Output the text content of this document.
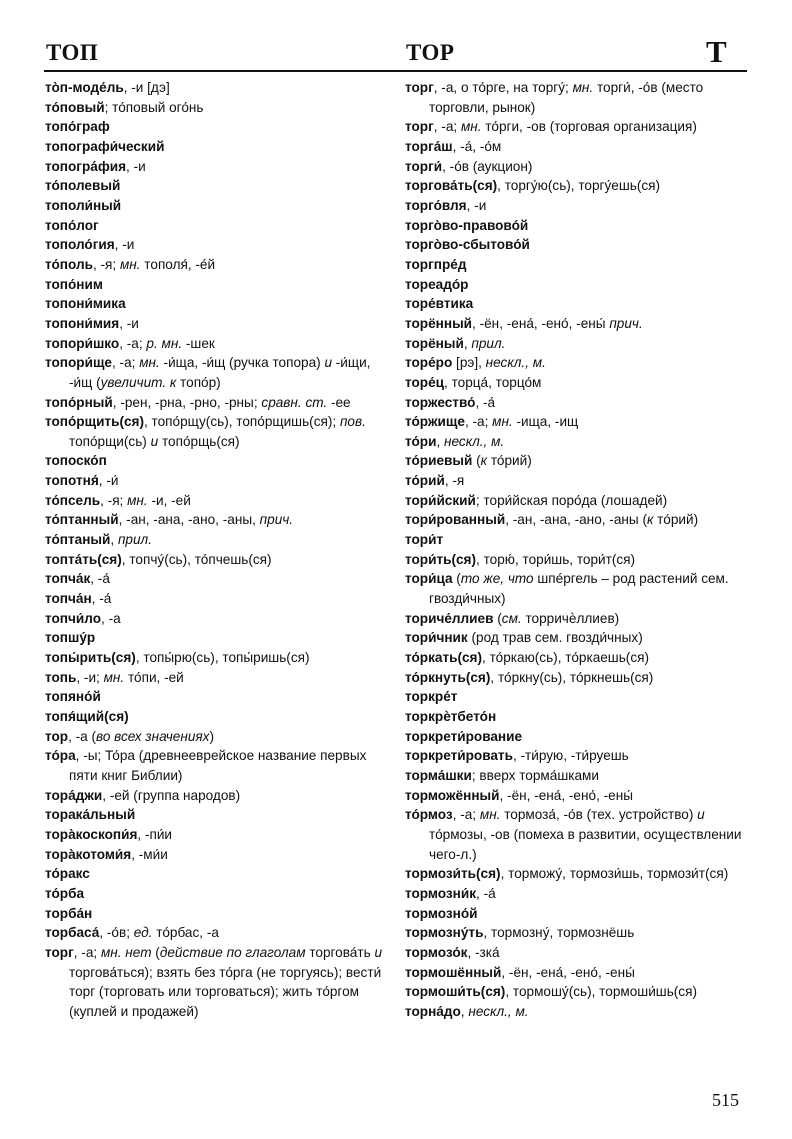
ТОП	ТОР	Т
то̀п-моде́ль, -и [дэ]
то́повый; то́повый ого́нь
топо́граф
топографи́ческий
топогра́фия, -и
то́полевый
тополи́ный
топо́лог
тополо́гия, -и
то́поль, -я; мн. тополя́, -е́й
топо́ним
топони́мика
топони́мия, -и
топори́шко, -а; р. мн. -шек
топори́ще, -а; мн. -и́ща, -и́щ (ручка топора) и -и́щи, -и́щ (увеличит. к топо́р)
топо́рный, -рен, -рна, -рно, -рны; сравн. ст. -ее
топо́рщить(ся), топо́рщу(сь), топо́рщишь(ся); пов. топо́рщи(сь) и топо́рщь(ся)
топоско́п
топотня́, -и́
то́псель, -я; мн. -и, -ей
то́птанный, -ан, -ана, -ано, -аны, прич.
то́птаный, прил.
топта́ть(ся), топчу́(сь), то́пчешь(ся)
топча́к, -а́
топча́н, -а́
топчи́ло, -а
топшу́р
топы́рить(ся), топы́рю(сь), топы́ришь(ся)
топь, -и; мн. то́пи, -ей
топяно́й
топя́щий(ся)
тор, -а (во всех значениях)
то́ра, -ы; То́ра (древнееврейское название первых пяти книг Библии)
тора́джи, -ей (группа народов)
торака́льный
тора̀коскопи́я, -пи́и
тора̀котоми́я, -ми́и
то́ракс
то́рба
торба́н
торбаса́, -о́в; ед. то́рбас, -а
торг, -а; мн. нет (действие по глаголам торгова́ть и торгова́ться); взять без то́рга (не торгуясь); вести́ торг (торговать или торговаться); жить то́ргом (куплей и продажей)
торг, -а, о то́рге, на торгу́; мн. торги́, -о́в (место торговли, рынок)
торг, -а; мн. то́рги, -ов (торговая организация)
торга́ш, -а́, -о́м
торги́, -о́в (аукцион)
торгова́ть(ся), торгу́ю(сь), торгу́ешь(ся)
торго́вля, -и
торго̀во-правово́й
торго̀во-сбытово́й
торгпре́д
тореадо́р
торе́втика
торённый, -ён, -ена́, -ено́, -ены́ прич.
торёный, прил.
торе́ро [рэ], нескл., м.
торе́ц, торца́, торцо́м
торжество́, -а́
то́ржище, -а; мн. -ища, -ищ
то́ри, нескл., м.
то́риевый (к то́рий)
то́рий, -я
тори́йский; тори́йская поро́да (лошадей)
тори́рованный, -ан, -ана, -ано, -аны (к то́рий)
тори́т
тори́ть(ся), торю́, тори́шь, тори́т(ся)
тори́ца (то же, что шпе́ргель – род растений сем. гвозди́чных)
ториче́ллиев (см. торричѐллиев)
тори́чник (род трав сем. гвозди́чных)
то́ркать(ся), то́ркаю(сь), то́ркаешь(ся)
то́ркнуть(ся), то́ркну(сь), то́ркнешь(ся)
торкре́т
торкрѐтбето́н
торкрети́рование
торкрети́ровать, -ти́рую, -ти́руешь
торма́шки; вверх торма́шками
торможённый, -ён, -ена́, -ено́, -ены́
то́рмоз, -а; мн. тормоза́, -о́в (тех. устройство) и то́рмозы, -ов (помеха в развитии, осуществлении чего-л.)
тормози́ть(ся), торможу́, тормози́шь, тормози́т(ся)
тормозни́к, -а́
тормозно́й
тормозну́ть, тормозну́, тормознёшь
тормозо́к, -зка́
тормошённый, -ён, -ена́, -ено́, -ены́
тормоши́ть(ся), тормошу́(сь), тормоши́шь(ся)
торна́до, нескл., м.
515
